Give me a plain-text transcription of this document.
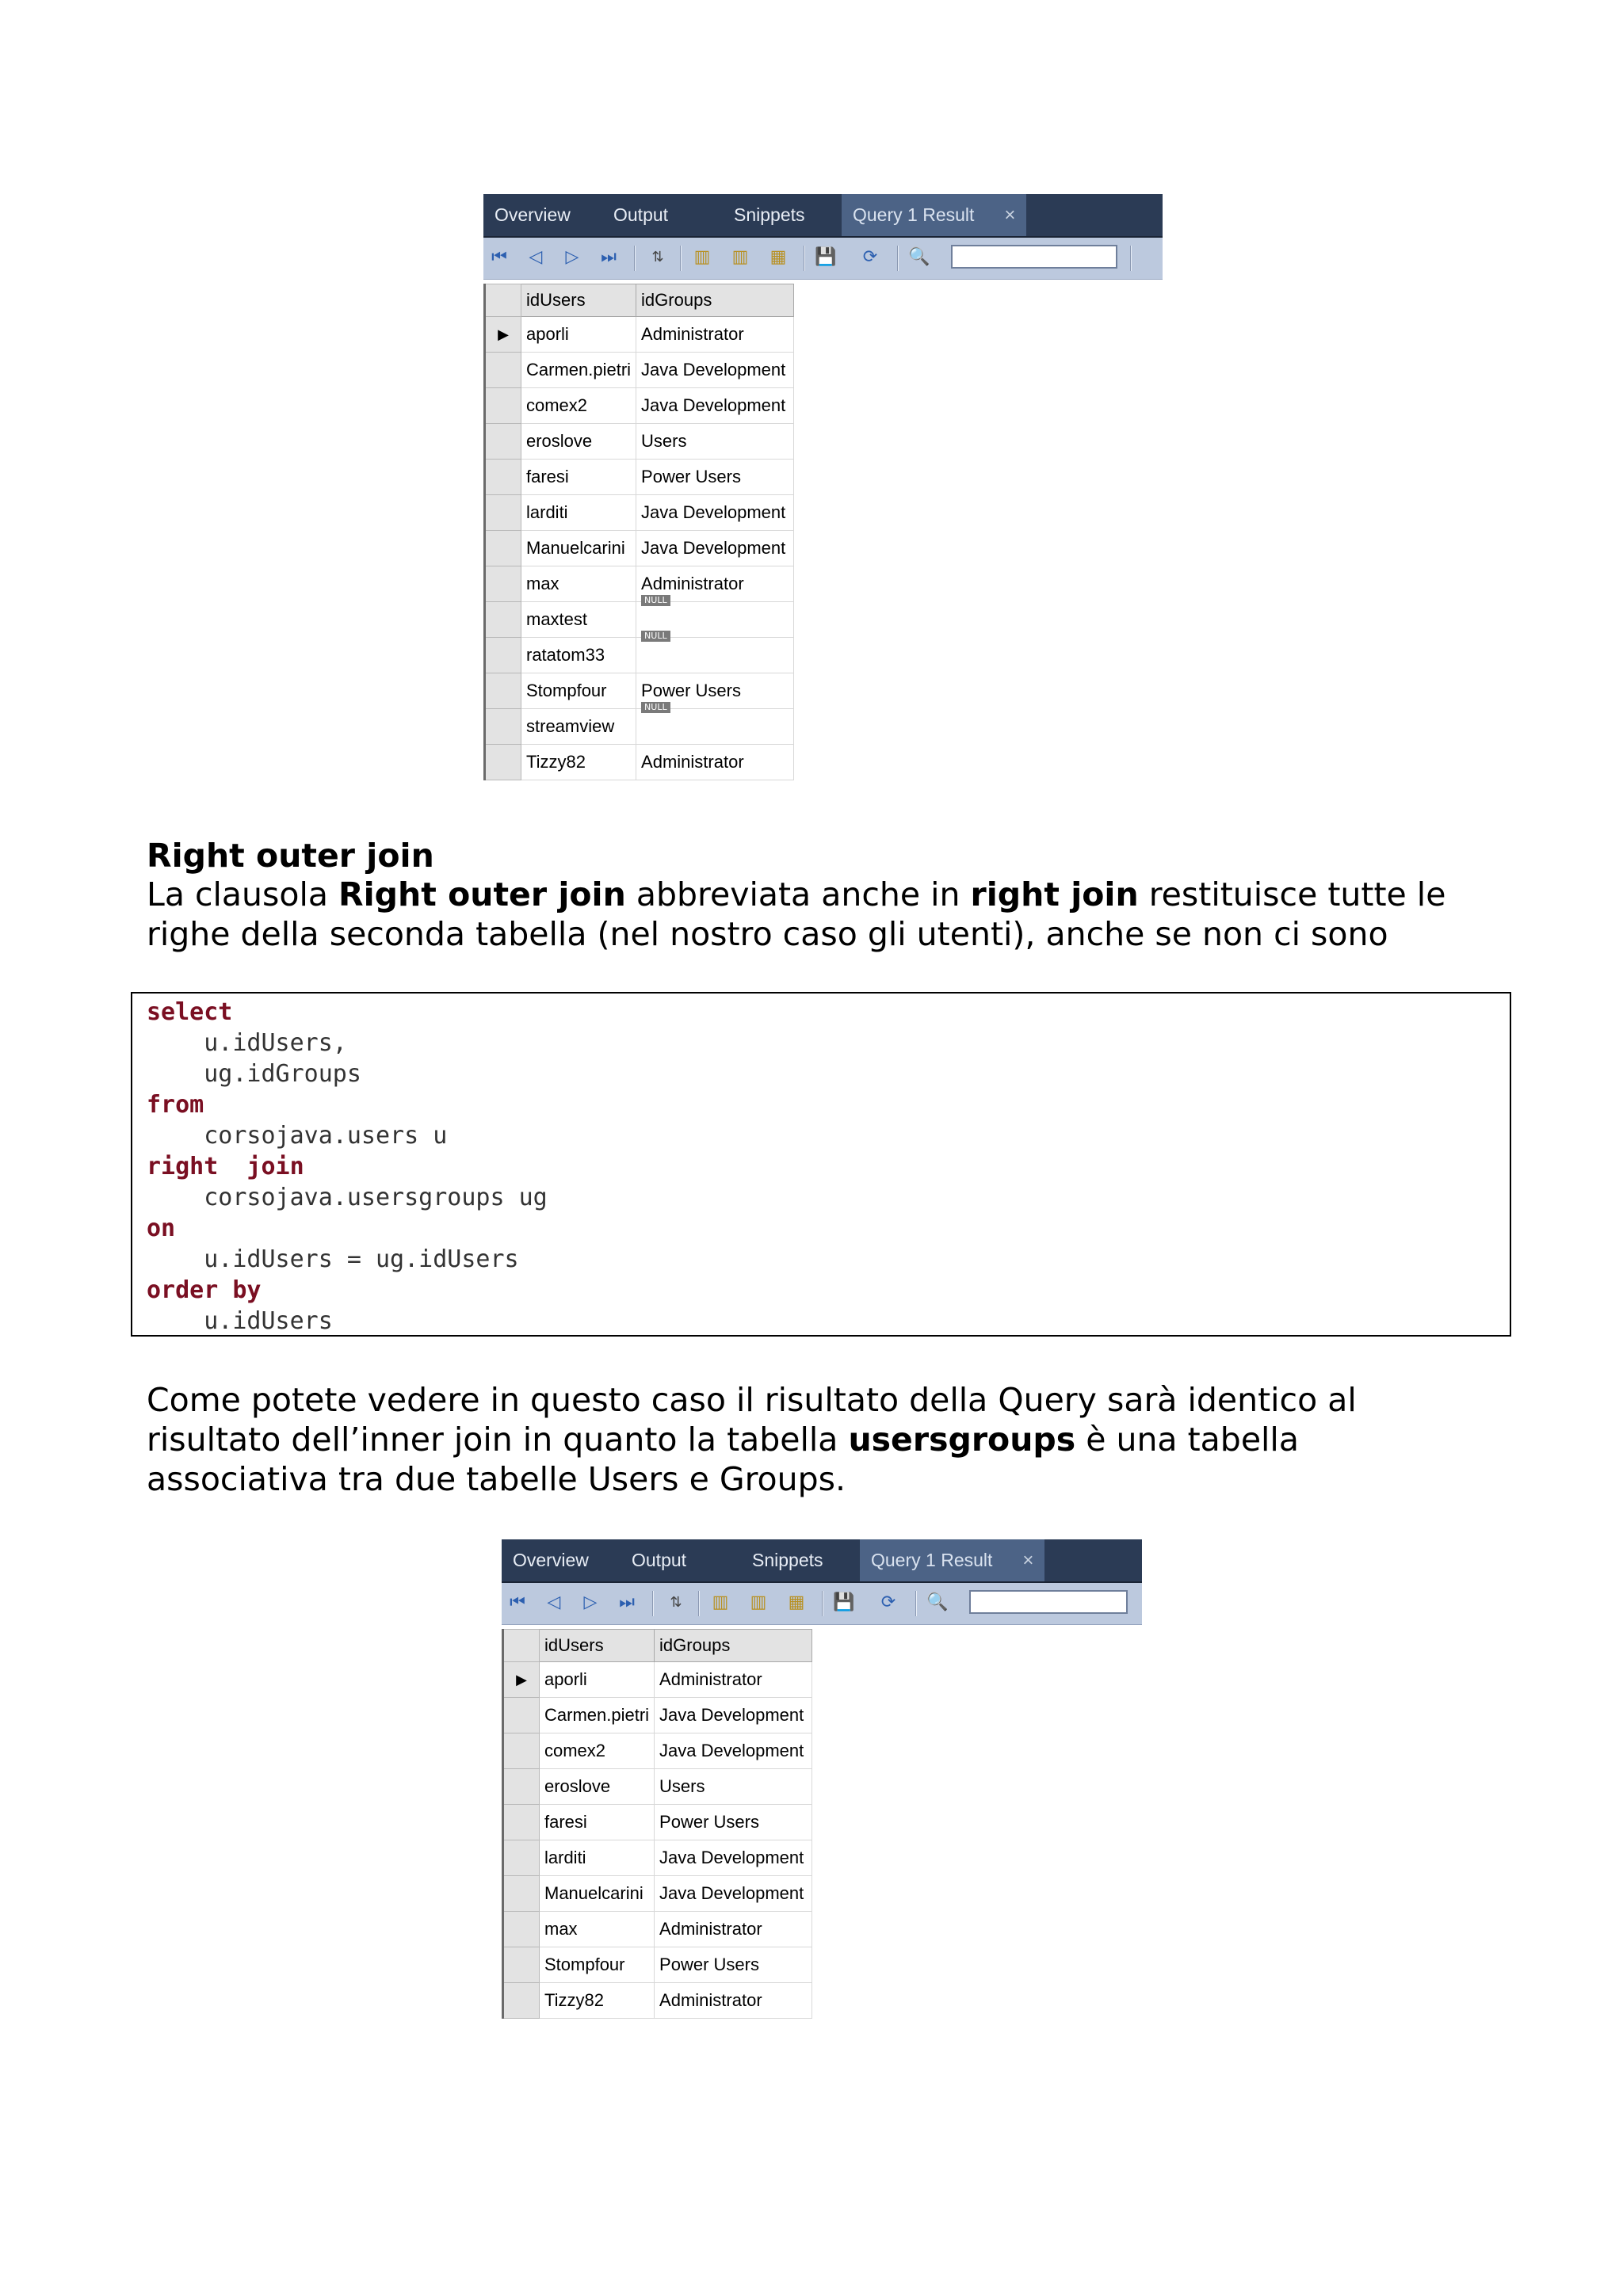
Overview	Output	Snippets	Query 1 Result ×
⏮ ◁ ▷ ⏭	⇅ ▥ ▥ ▦ 💾 ⟳ 🔍
	idUsers	idGroups
▶	aporli	Administrator
	Carmen.pietri	Java Development
	comex2	Java Development
	eroslove	Users
	faresi	Power Users
	larditi	Java Development
	Manuelcarini	Java Development
	max	Administrator
	maxtest	NULL
	ratatom33	NULL
	Stompfour	Power Users
	streamview	NULL
	Tizzy82	Administrator
Right outer join
La clausola Right outer join abbreviata anche in right join restituisce tutte le
righe della seconda tabella (nel nostro caso gli utenti), anche se non ci sono
select
u.idUsers,
ug.idGroups
from
corsojava.users u
right  join
corsojava.usersgroups ug
on
u.idUsers = ug.idUsers
order by
u.idUsers

Come potete vedere in questo caso il risultato della Query sarà identico al
risultato dell’inner join in quanto la tabella usersgroups è una tabella
associativa tra due tabelle Users e Groups.
Overview	Output	Snippets	Query 1 Result ×
⏮ ◁ ▷ ⏭	⇅ ▥ ▥ ▦ 💾 ⟳ 🔍
	idUsers	idGroups
▶	aporli	Administrator
	Carmen.pietri	Java Development
	comex2	Java Development
	eroslove	Users
	faresi	Power Users
	larditi	Java Development
	Manuelcarini	Java Development
	max	Administrator
	Stompfour	Power Users
	Tizzy82	Administrator
